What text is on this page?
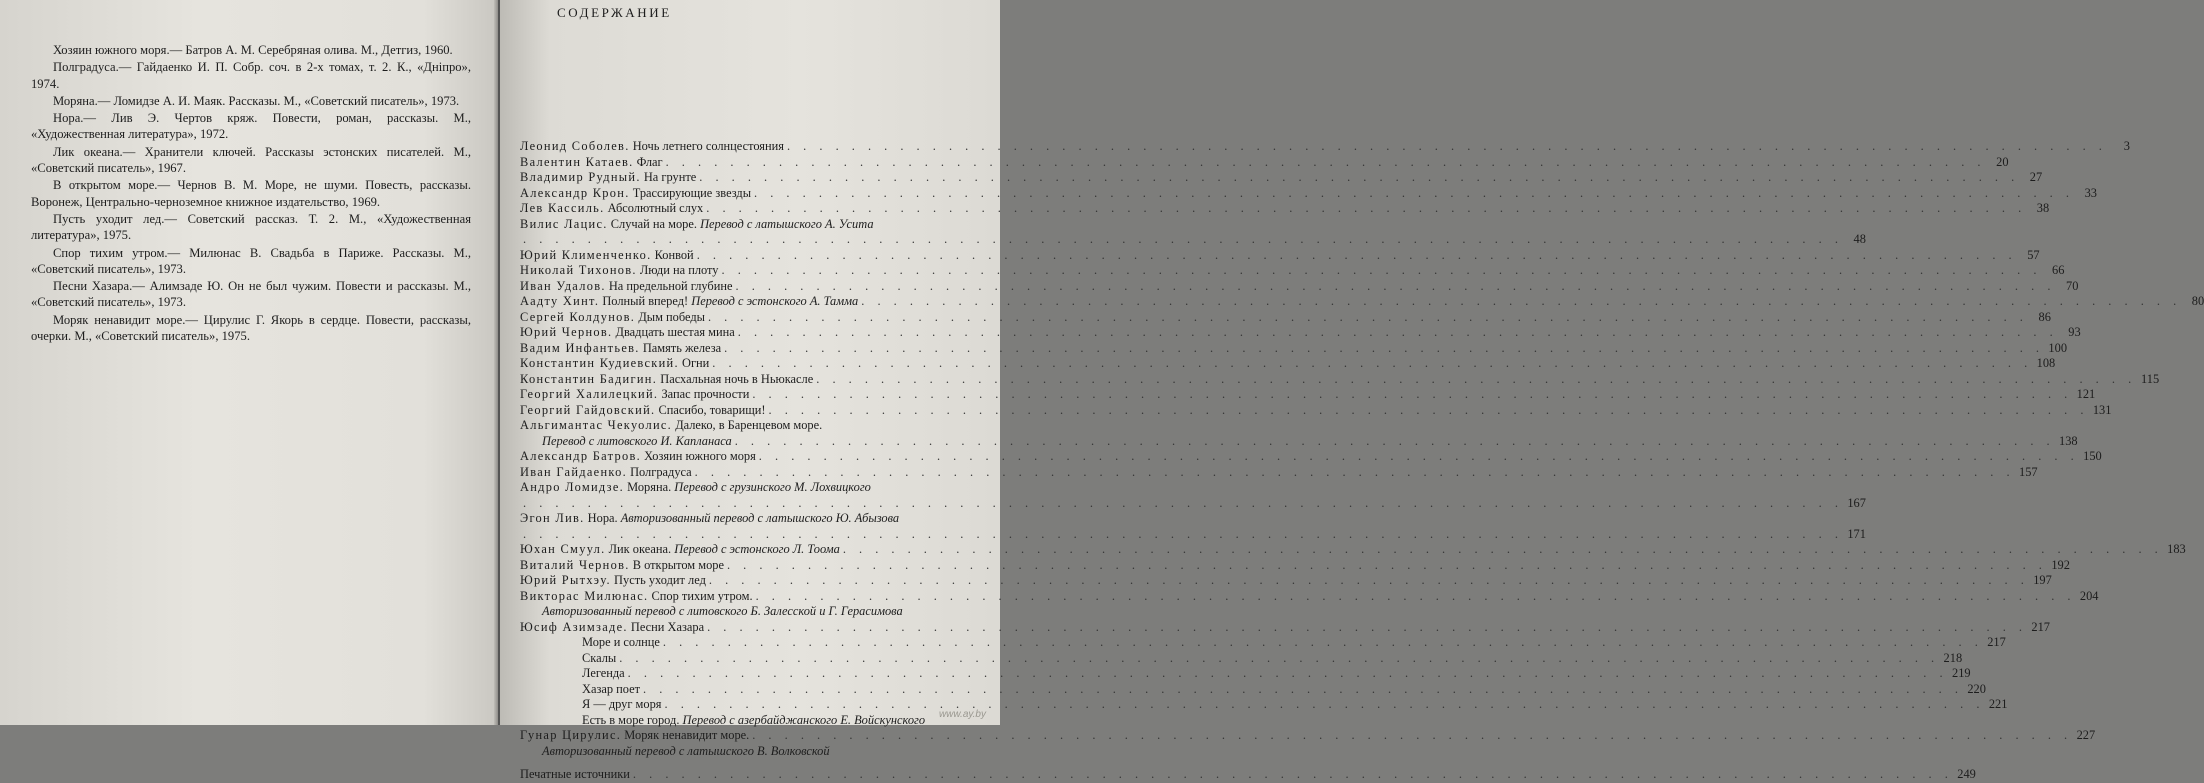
Хозяин южного моря.— Батров А. М. Серебряная олива. М., Детгиз, 1960.

Полградуса.— Гайдаенко И. П. Собр. соч. в 2-х томах, т. 2. К., «Дніпро», 1974.

Моряна.— Ломидзе А. И. Маяк. Рассказы. М., «Советский писатель», 1973.

Нора.— Лив Э. Чертов кряж. Повести, роман, рассказы. М., «Художественная литература», 1972.

Лик океана.— Хранители ключей. Рассказы эстонских писателей. М., «Советский писатель», 1967.

В открытом море.— Чернов В. М. Море, не шуми. Повесть, рассказы. Воронеж, Центрально-черноземное книжное издательство, 1969.

Пусть уходит лед.— Советский рассказ. Т. 2. М., «Художественная литература», 1975.

Спор тихим утром.— Милюнас В. Свадьба в Париже. Рассказы. М., «Советский писатель», 1973.

Песни Хазара.— Алимзаде Ю. Он не был чужим. Повести и рассказы. М., «Советский писатель», 1973.

Моряк ненавидит море.— Цирулис Г. Якорь в сердце. Повести, рассказы, очерки. М., «Советский писатель», 1975.

СОДЕРЖАНИЕ
Леонид Соболев. Ночь летнего солнцестояния . . .	3
Валентин Катаев. Флаг . . .	20
Владимир Рудный. На грунте . . .	27
Александр Крон. Трассирующие звезды . . .	33
Лев Кассиль. Абсолютный слух . . .	38
Вилис Лацис. Случай на море. Перевод с латышского А. Усита
. . .
48
Юрий Клименченко. Конвой . . .	57
Николай Тихонов. Люди на плоту . . .	66
Иван Удалов. На предельной глубине . . .	70
Аадту Хинт. Полный вперед! Перевод с эстонского А. Тамма . . .	80
Сергей Колдунов. Дым победы . . .	86
Юрий Чернов. Двадцать шестая мина . . .	93
Вадим Инфантьев. Память железа . . .	100
Константин Кудиевский. Огни . . .	108
Константин Бадигин. Пасхальная ночь в Ньюкасле . . .	115
Георгий Халилецкий. Запас прочности . . .	121
Георгий Гайдовский. Спасибо, товарищи! . . .	131
Альгимантас Чекуолис. Далеко, в Баренцевом море.
Перевод с литовского И. Капланаса . . .	138
Александр Батров. Хозяин южного моря . . .	150
Иван Гайдаенко. Полградуса . . .	157
Андро Ломидзе. Моряна. Перевод с грузинского М. Лохвицкого
. . .
167
Эгон Лив. Нора. Авторизованный перевод с латышского Ю. Абызова
. . .
171
Юхан Смуул. Лик океана. Перевод с эстонского Л. Тоома . . .	183
Виталий Чернов. В открытом море . . .	192
Юрий Рытхэу. Пусть уходит лед . . .	197
Викторас Милюнас. Спор тихим утром. . . .	204
Авторизованный перевод с литовского Б. Залесской и Г. Герасимова
Юсиф Азимзаде. Песни Хазара . . .	217
Море и солнце . . .	217
Скалы . . .	218
Легенда . . .	219
Хазар поет . . .	220
Я — друг моря . . .	221
Есть в море город. Перевод с азербайджанского Е. Войскунского
Гунар Цирулис. Моряк ненавидит море. . . .	227
Авторизованный перевод с латышского В. Волковской
Печатные источники . . .	249
www.ay.by
